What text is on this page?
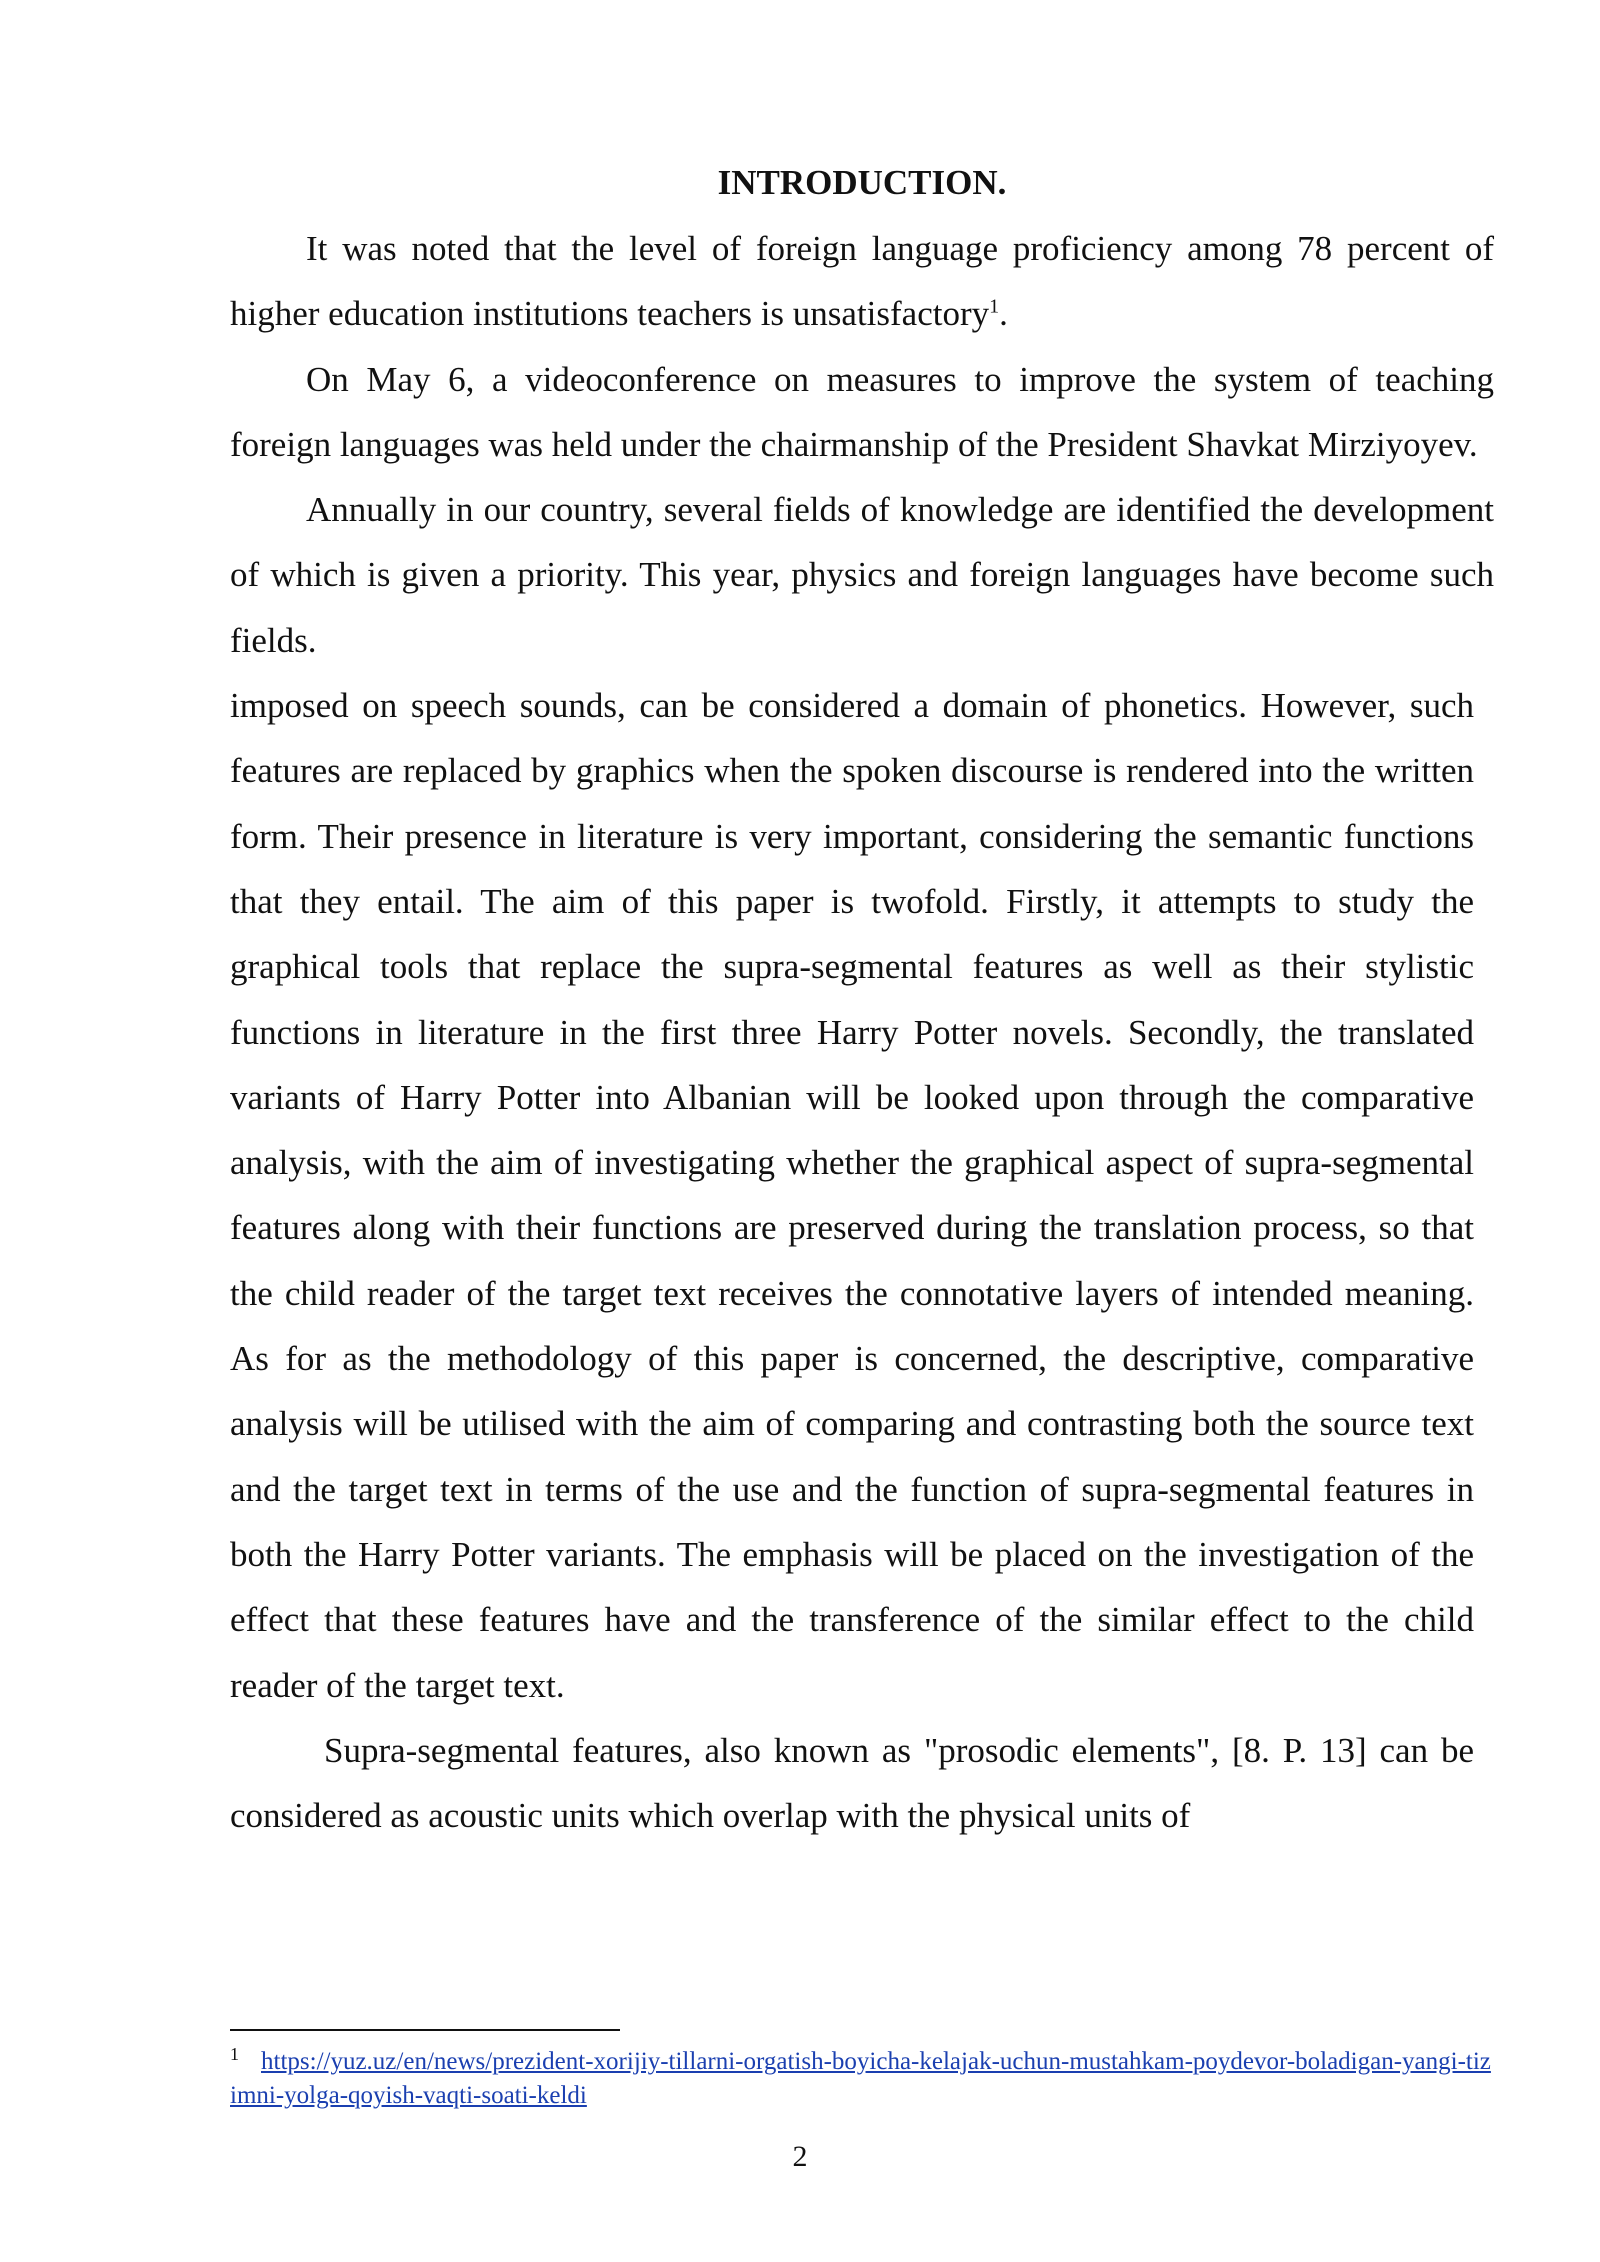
INTRODUCTION.

It was noted that the level of foreign language proficiency among 78 percent of higher education institutions teachers is unsatisfactory$^1$.

On May 6, a videoconference on measures to improve the system of teaching foreign languages was held under the chairmanship of the President Shavkat Mirziyoyev.

Annually in our country, several fields of knowledge are identified the development of which is given a priority. This year, physics and foreign languages have become such fields.

imposed on speech sounds, can be considered a domain of phonetics. However, such features are replaced by graphics when the spoken discourse is rendered into the written form. Their presence in literature is very important, considering the semantic functions that they entail. The aim of this paper is twofold. Firstly, it attempts to study the graphical tools that replace the supra-segmental features as well as their stylistic functions in literature in the first three Harry Potter novels. Secondly, the translated variants of Harry Potter into Albanian will be looked upon through the comparative analysis, with the aim of investigating whether the graphical aspect of supra-segmental features along with their functions are preserved during the translation process, so that the child reader of the target text receives the connotative layers of intended meaning. As for as the methodology of this paper is concerned, the descriptive, comparative analysis will be utilised with the aim of comparing and contrasting both the source text and the target text in terms of the use and the function of supra-segmental features in both the Harry Potter variants. The emphasis will be placed on the investigation of the effect that these features have and the transference of the similar effect to the child reader of the target text.

Supra-segmental features, also known as "prosodic elements", [8. P. 13] can be considered as acoustic units which overlap with the physical units of

$^1$ https://yuz.uz/en/news/prezident-xorijiy-tillarni-orgatish-boyicha-kelajak-uchun-mustahkam-poydevor-boladigan-yangi-tizimni-yolga-qoyish-vaqti-soati-keldi
2
